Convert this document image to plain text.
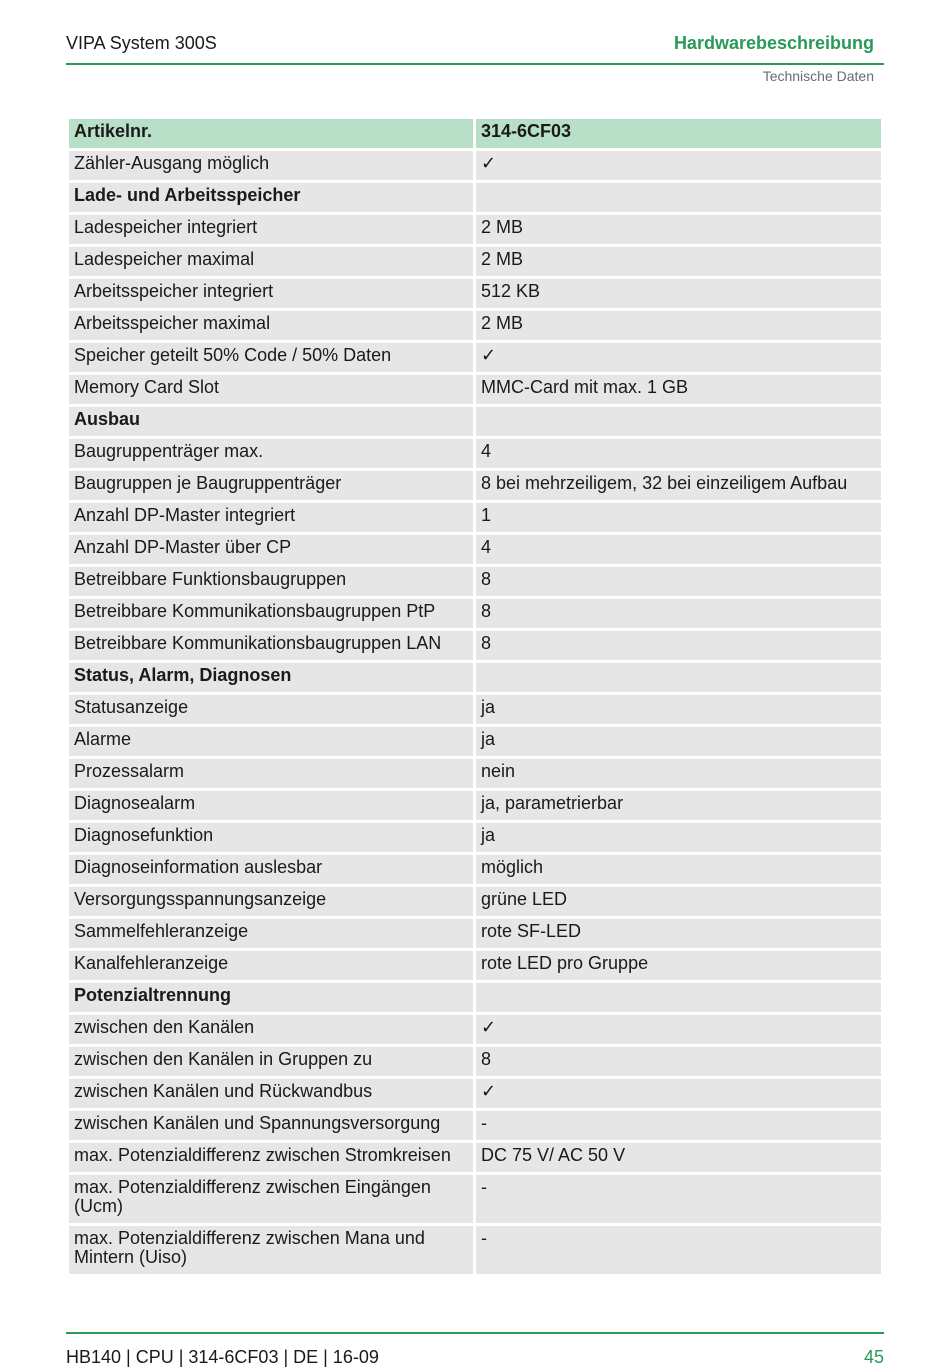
VIPA System 300S	Hardwarebeschreibung
Technische Daten
Artikelnr.	314-6CF03
Zähler-Ausgang möglich	✓
Lade- und Arbeitsspeicher	
Ladespeicher integriert	2 MB
Ladespeicher maximal	2 MB
Arbeitsspeicher integriert	512 KB
Arbeitsspeicher maximal	2 MB
Speicher geteilt 50% Code / 50% Daten	✓
Memory Card Slot	MMC-Card mit max. 1 GB
Ausbau	
Baugruppenträger max.	4
Baugruppen je Baugruppenträger	8 bei mehrzeiligem, 32 bei einzeiligem Aufbau
Anzahl DP-Master integriert	1
Anzahl DP-Master über CP	4
Betreibbare Funktionsbaugruppen	8
Betreibbare Kommunikationsbaugruppen PtP	8
Betreibbare Kommunikationsbaugruppen LAN	8
Status, Alarm, Diagnosen	
Statusanzeige	ja
Alarme	ja
Prozessalarm	nein
Diagnosealarm	ja, parametrierbar
Diagnosefunktion	ja
Diagnoseinformation auslesbar	möglich
Versorgungsspannungsanzeige	grüne LED
Sammelfehleranzeige	rote SF-LED
Kanalfehleranzeige	rote LED pro Gruppe
Potenzialtrennung	
zwischen den Kanälen	✓
zwischen den Kanälen in Gruppen zu	8
zwischen Kanälen und Rückwandbus	✓
zwischen Kanälen und Spannungsversorgung	-
max. Potenzialdifferenz zwischen Stromkreisen	DC 75 V/ AC 50 V
max. Potenzialdifferenz zwischen Eingängen (Ucm)	-
max. Potenzialdifferenz zwischen Mana und Mintern (Uiso)	-
HB140 | CPU | 314-6CF03 | DE | 16-09	45
